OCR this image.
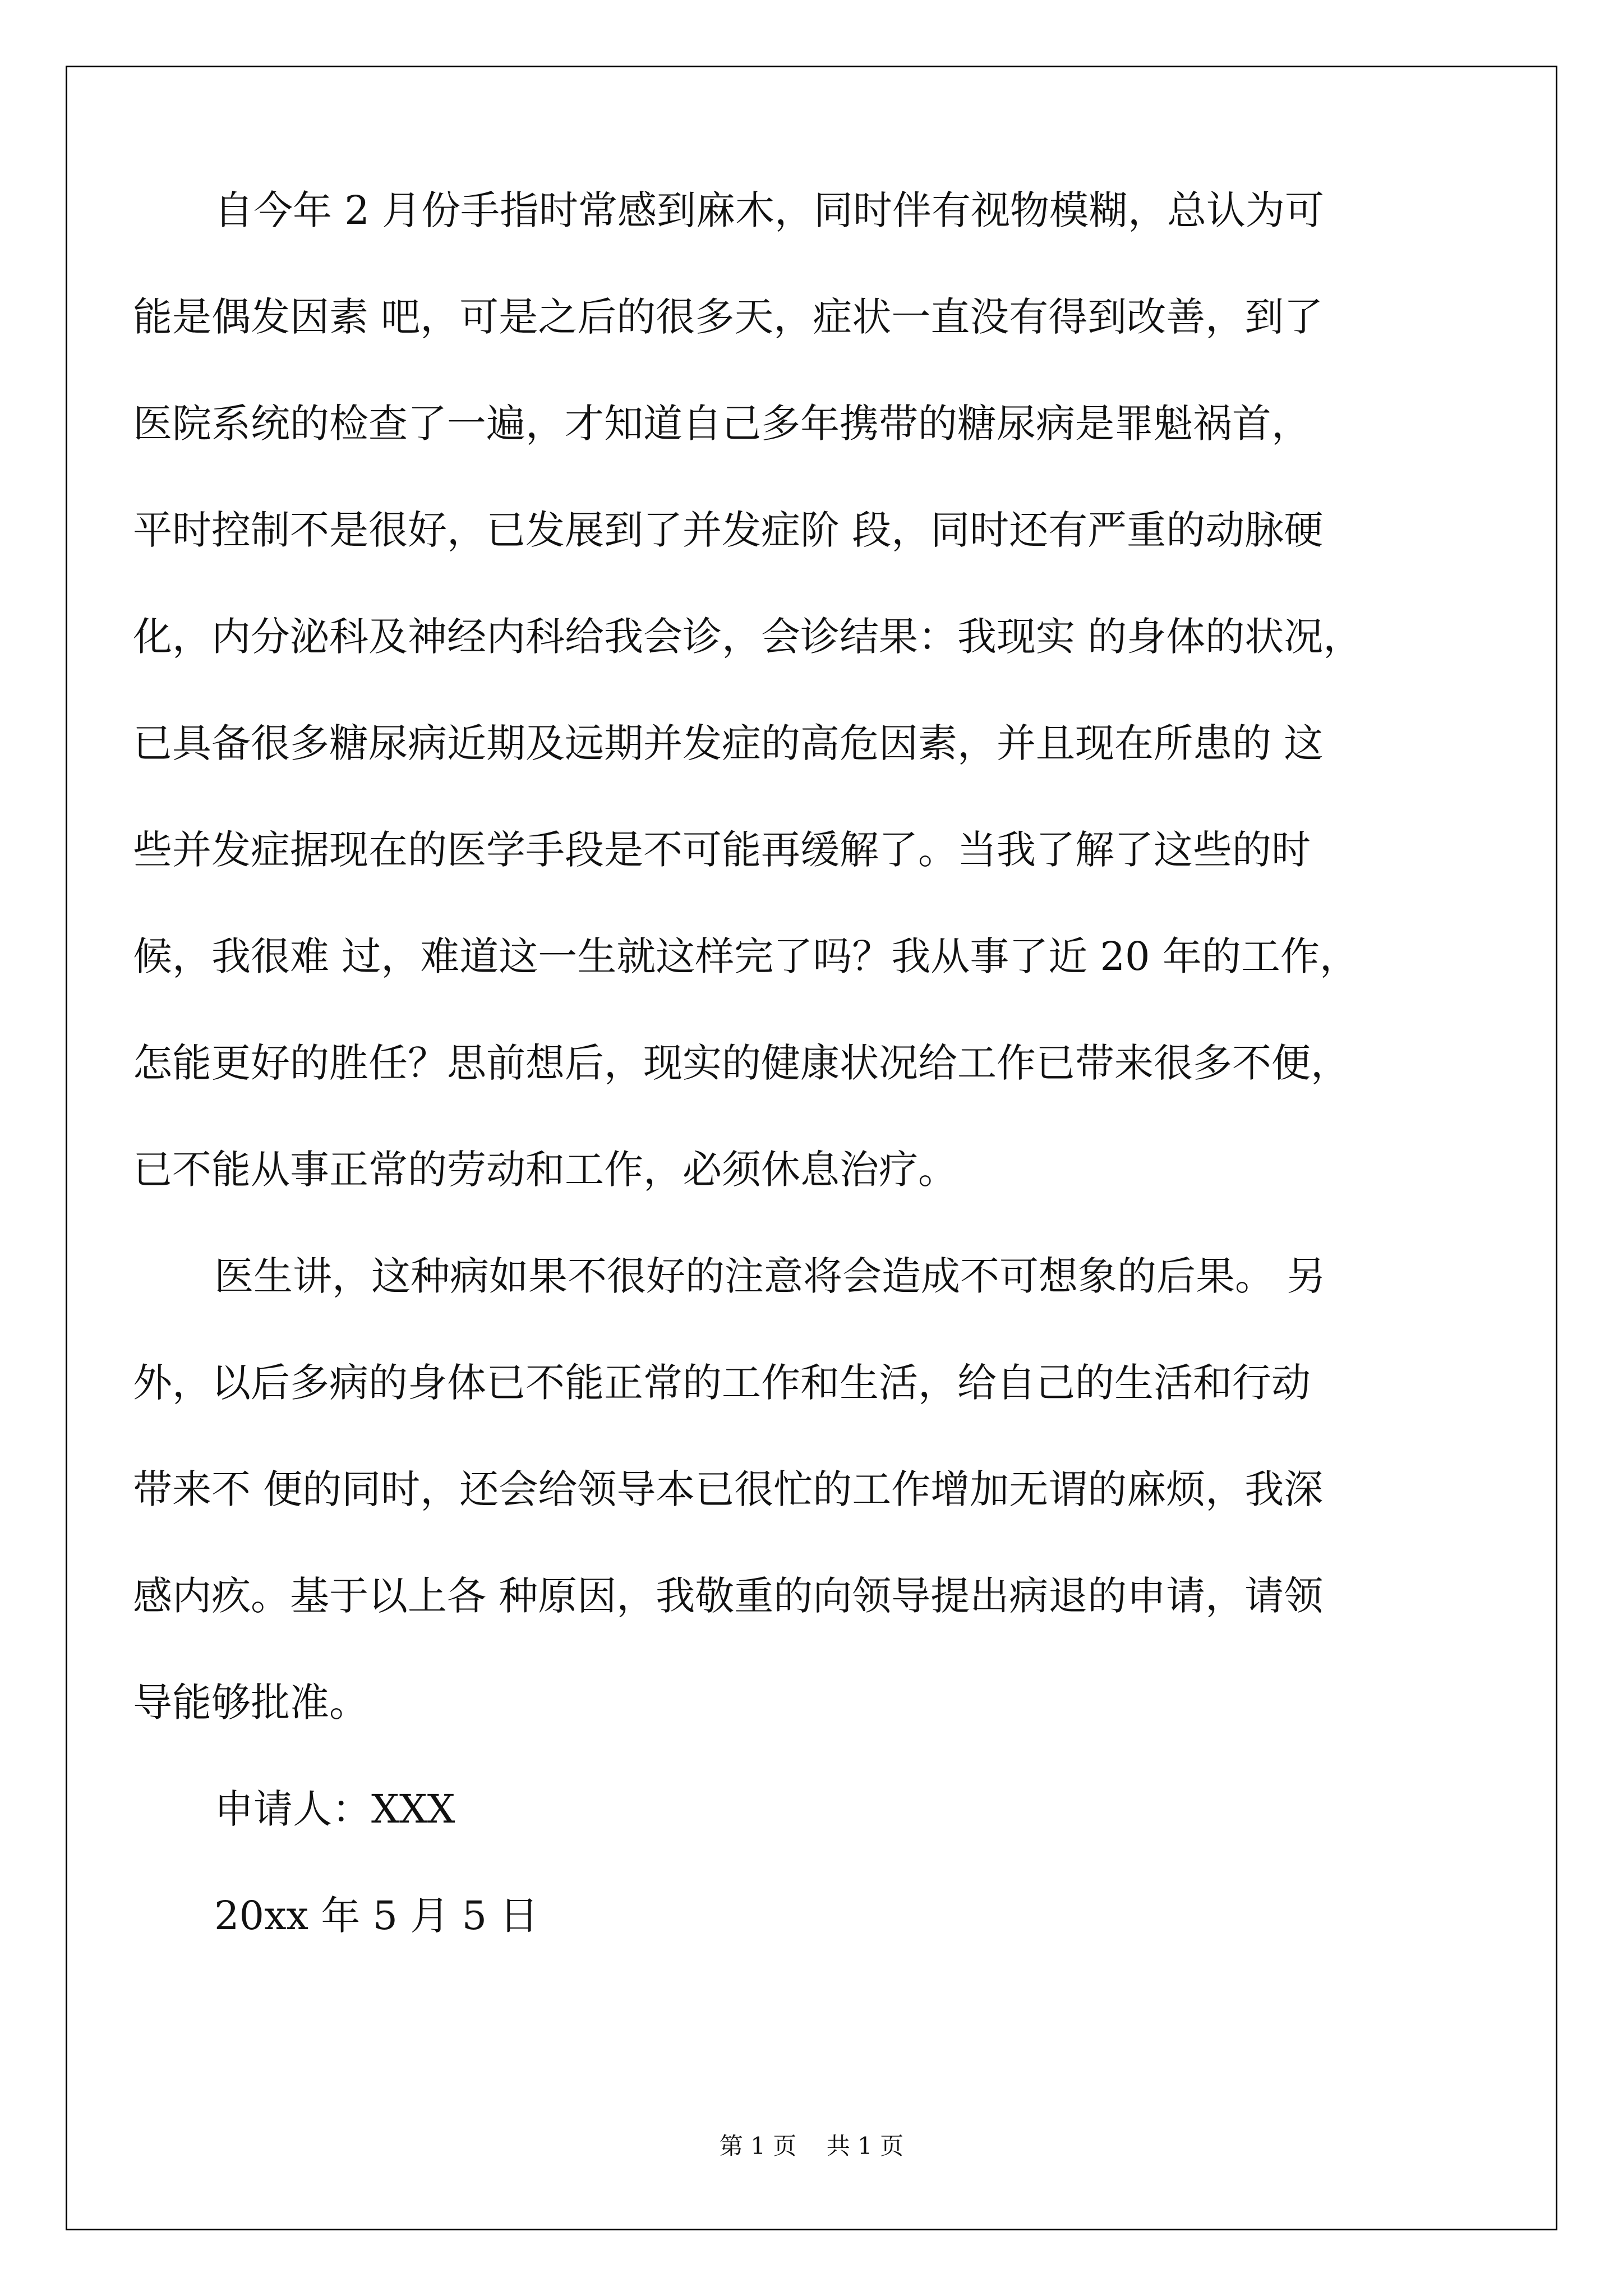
自今年 2 月份手指时常感到麻木，同时伴有视物模糊，总认为可
能是偶发因素 吧，可是之后的很多天，症状一直没有得到改善，到了
医院系统的检查了一遍，才知道自己多年携带的糖尿病是罪魁祸首，
平时控制不是很好，已发展到了并发症阶 段，同时还有严重的动脉硬
化，内分泌科及神经内科给我会诊，会诊结果：我现实 的身体的状况，
已具备很多糖尿病近期及远期并发症的高危因素，并且现在所患的 这
些并发症据现在的医学手段是不可能再缓解了。当我了解了这些的时
候，我很难 过，难道这一生就这样完了吗？我从事了近 20 年的工作，
怎能更好的胜任？思前想后，现实的健康状况给工作已带来很多不便，
已不能从事正常的劳动和工作，必须休息治疗。
医生讲，这种病如果不很好的注意将会造成不可想象的后果。 另
外，以后多病的身体已不能正常的工作和生活，给自己的生活和行动
带来不 便的同时，还会给领导本已很忙的工作增加无谓的麻烦，我深
感内疚。基于以上各 种原因，我敬重的向领导提出病退的申请，请领
导能够批准。
申请人：XXX
20xx 年 5 月 5 日
第 1 页    共 1 页
